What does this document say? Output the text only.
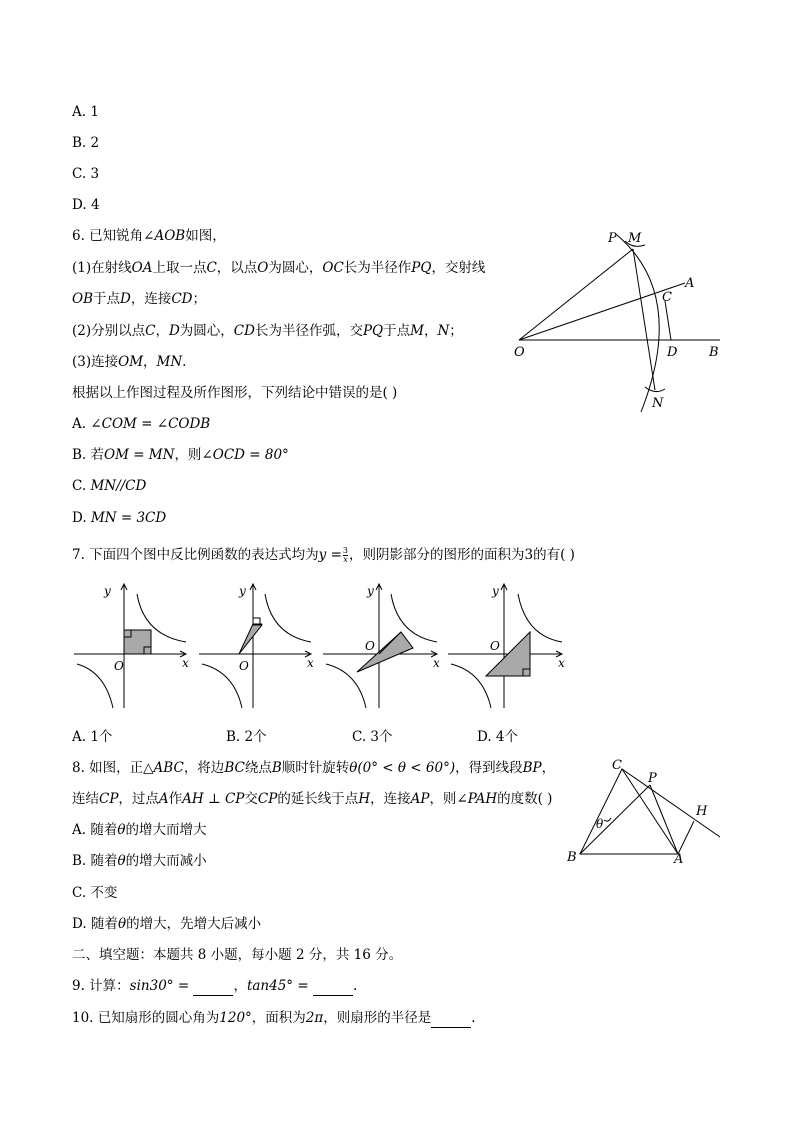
A. 1
B. 2
C. 3
D. 4
6. 已知锐角∠AOB如图，
(1)在射线OA上取一点C，以点O为圆心，OC长为半径作PQ，交射线
OB于点D，连接CD；
(2)分别以点C，D为圆心，CD长为半径作弧，交PQ于点M，N；
(3)连接OM，MN.
根据以上作图过程及所作图形，下列结论中错误的是( )
A. ∠COM = ∠CODB
B. 若OM = MN，则∠OCD = 80°
C. MN//CD
D. MN = 3CD
P M
A
C
O	D B
N
7. 下面四个图中反比例函数的表达式均为$y = \frac{3}{x}$ ，则阴影部分的图形的面积为3的有( )
y
x
O
y
x
O
y
x
O
y
x
O
A. 1个	B. 2个	C. 3个	D. 4个
8. 如图，正△ABC，将边BC绕点B顺时针旋转θ(0° < θ < 60°)，得到线段BP，
连结CP，过点A作AH ⊥ CP交CP的延长线于点H，连接AP，则∠PAH的度数( )
A. 随着θ的增大而增大
B. 随着θ的增大而减小
C. 不变
D. 随着θ的增大，先增大后减小
C
P
H
B	A
θ
二、填空题：本题共 8 小题，每小题 2 分，共 16 分。
9. 计算：sin30° =	，tan45° =	.
10. 已知扇形的圆心角为120°，面积为2π，则扇形的半径是	.
